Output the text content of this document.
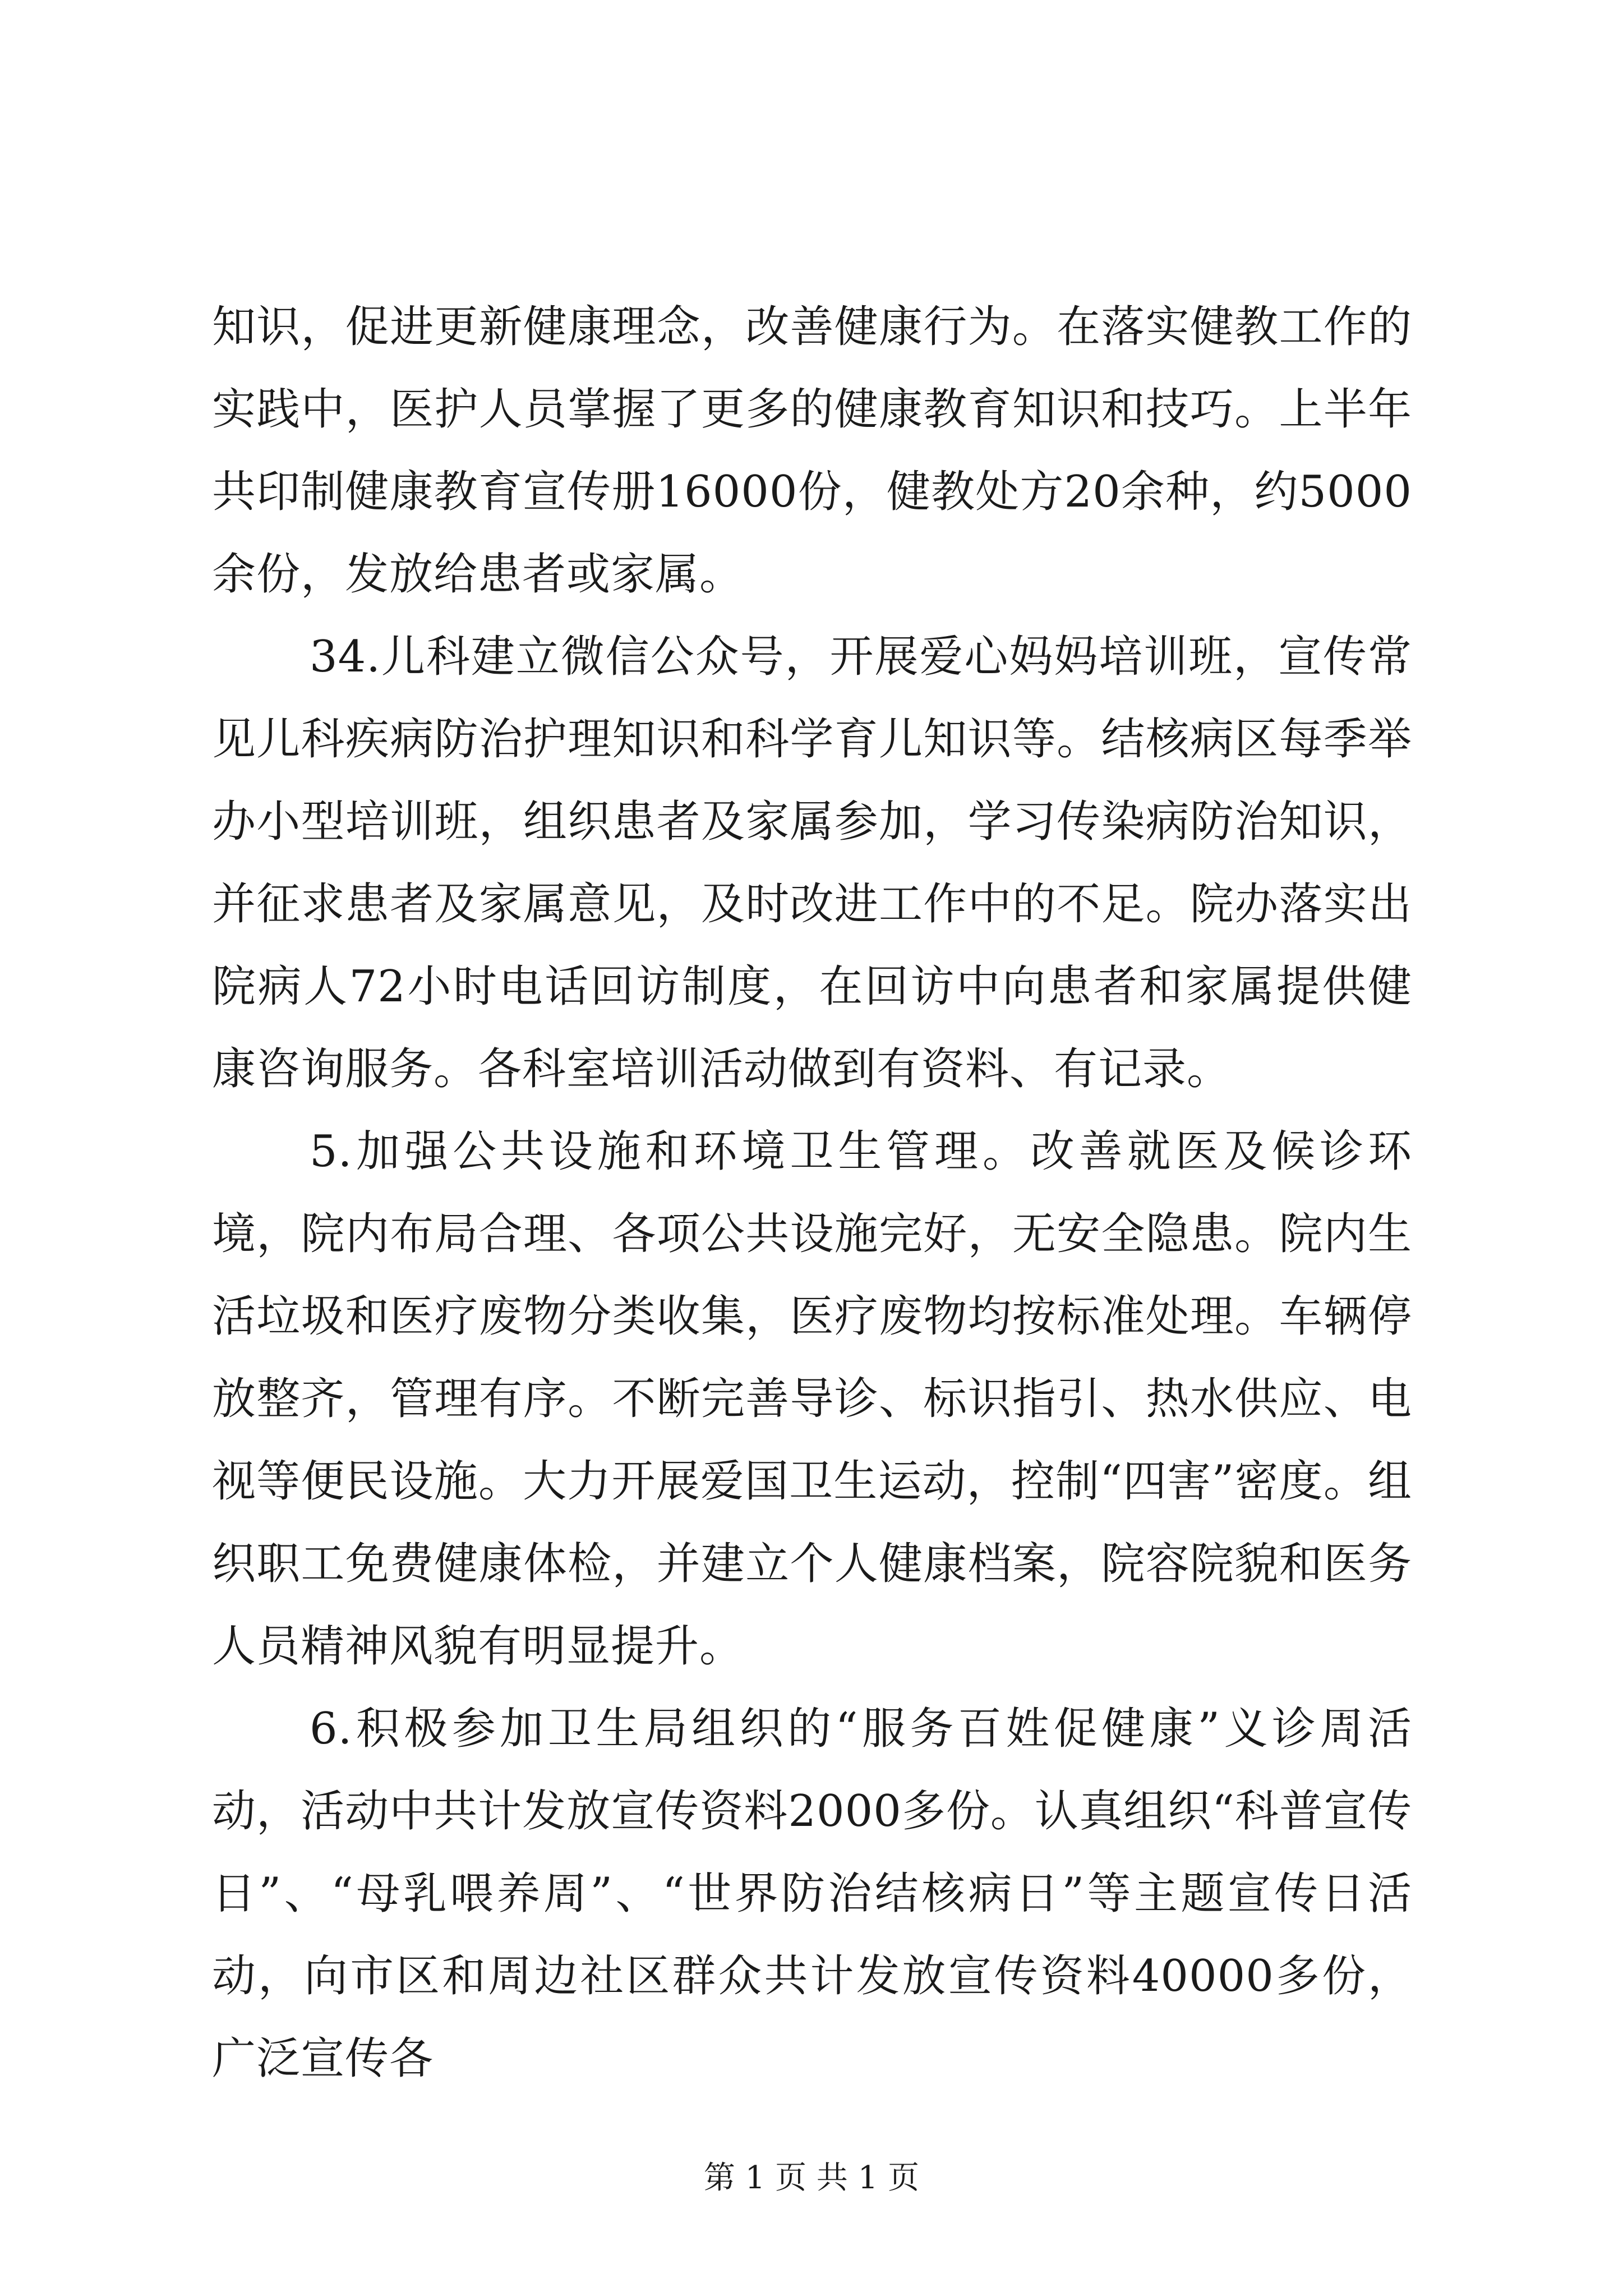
知识，促进更新健康理念，改善健康行为。在落实健教工作的实践中，医护人员掌握了更多的健康教育知识和技巧。上半年共印制健康教育宣传册16000份，健教处方20余种，约5000余份，发放给患者或家属。

34.儿科建立微信公众号，开展爱心妈妈培训班，宣传常见儿科疾病防治护理知识和科学育儿知识等。结核病区每季举办小型培训班，组织患者及家属参加，学习传染病防治知识，并征求患者及家属意见，及时改进工作中的不足。院办落实出院病人72小时电话回访制度，在回访中向患者和家属提供健康咨询服务。各科室培训活动做到有资料、有记录。

5.加强公共设施和环境卫生管理。改善就医及候诊环境，院内布局合理、各项公共设施完好，无安全隐患。院内生活垃圾和医疗废物分类收集，医疗废物均按标准处理。车辆停放整齐，管理有序。不断完善导诊、标识指引、热水供应、电视等便民设施。大力开展爱国卫生运动，控制“四害”密度。组织职工免费健康体检，并建立个人健康档案，院容院貌和医务人员精神风貌有明显提升。

6.积极参加卫生局组织的“服务百姓促健康”义诊周活动，活动中共计发放宣传资料2000多份。认真组织“科普宣传日”、“母乳喂养周”、“世界防治结核病日”等主题宣传日活动，向市区和周边社区群众共计发放宣传资料40000多份，广泛宣传各

第 1 页 共 1 页
